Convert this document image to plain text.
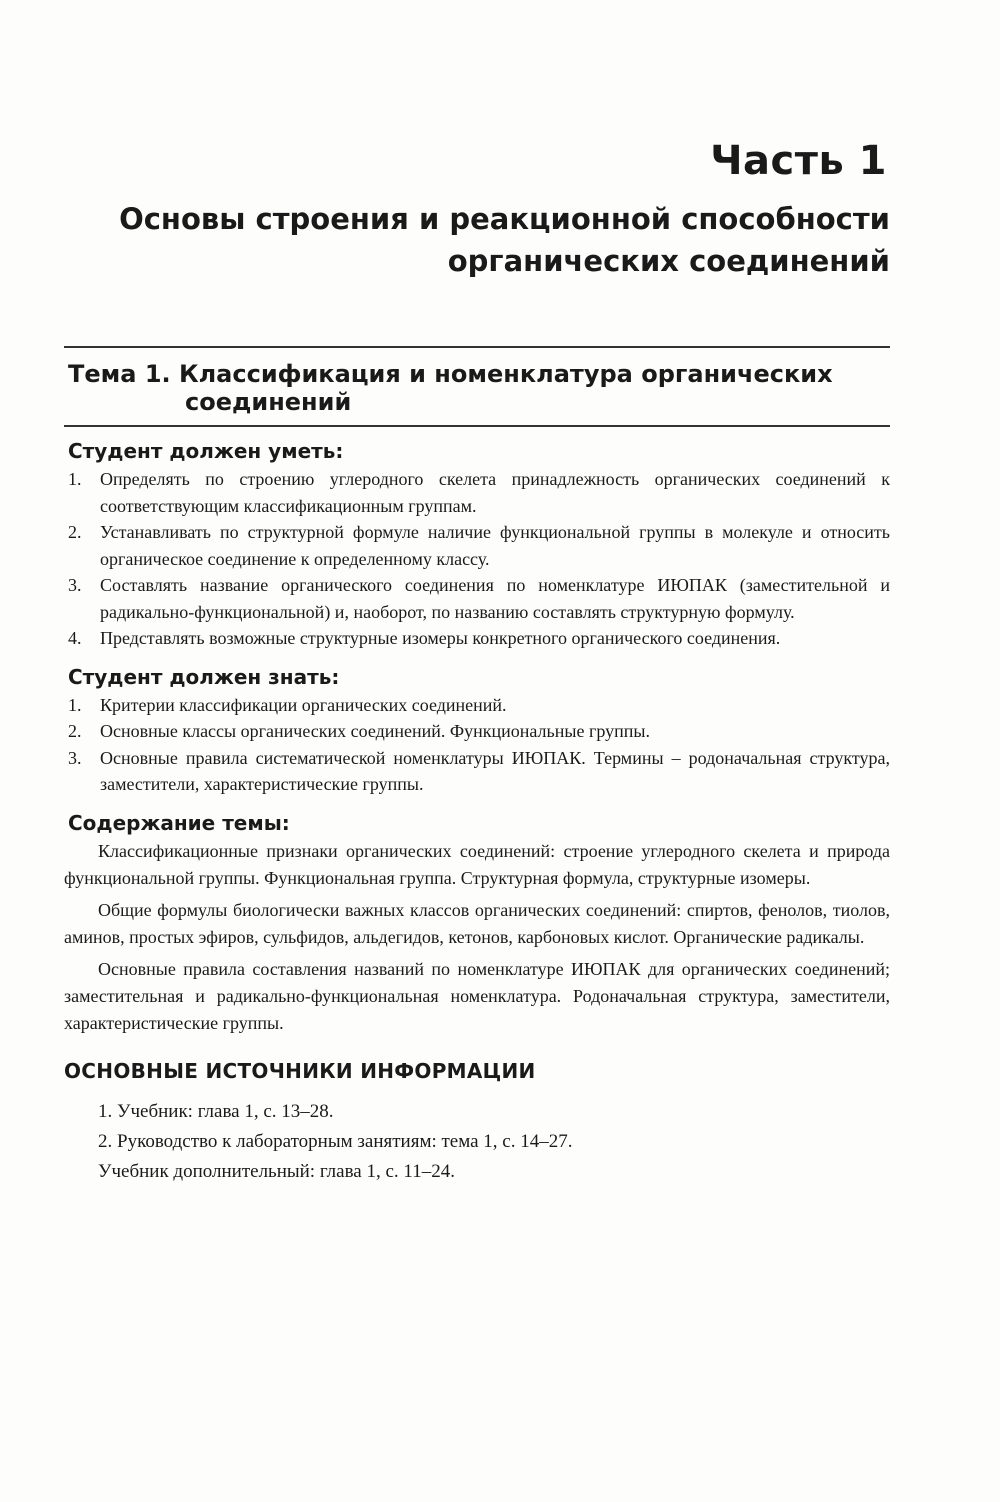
Часть 1
Основы строения и реакционной способности
органических соединений
Тема 1. Классификация и номенклатура органических соединений
Студент должен уметь:
1. Определять по строению углеродного скелета принадлежность органических соединений к соответствующим классификационным группам.
2. Устанавливать по структурной формуле наличие функциональной группы в молекуле и относить органическое соединение к определенному классу.
3. Составлять название органического соединения по номенклатуре ИЮПАК (заместительной и радикально-функциональной) и, наоборот, по названию составлять структурную формулу.
4. Представлять возможные структурные изомеры конкретного органического соединения.
Студент должен знать:
1. Критерии классификации органических соединений.
2. Основные классы органических соединений. Функциональные группы.
3. Основные правила систематической номенклатуры ИЮПАК. Термины – родоначальная структура, заместители, характеристические группы.
Содержание темы:

Классификационные признаки органических соединений: строение углеродного скелета и природа функциональной группы. Функциональная группа. Структурная формула, структурные изомеры.

Общие формулы биологически важных классов органических соединений: спиртов, фенолов, тиолов, аминов, простых эфиров, сульфидов, альдегидов, кетонов, карбоновых кислот. Органические радикалы.

Основные правила составления названий по номенклатуре ИЮПАК для органических соединений; заместительная и радикально-функциональная номенклатура. Родоначальная структура, заместители, характеристические группы.

ОСНОВНЫЕ ИСТОЧНИКИ ИНФОРМАЦИИ

1. Учебник: глава 1, с. 13–28.

2. Руководство к лабораторным занятиям: тема 1, с. 14–27.

Учебник дополнительный: глава 1, с. 11–24.
